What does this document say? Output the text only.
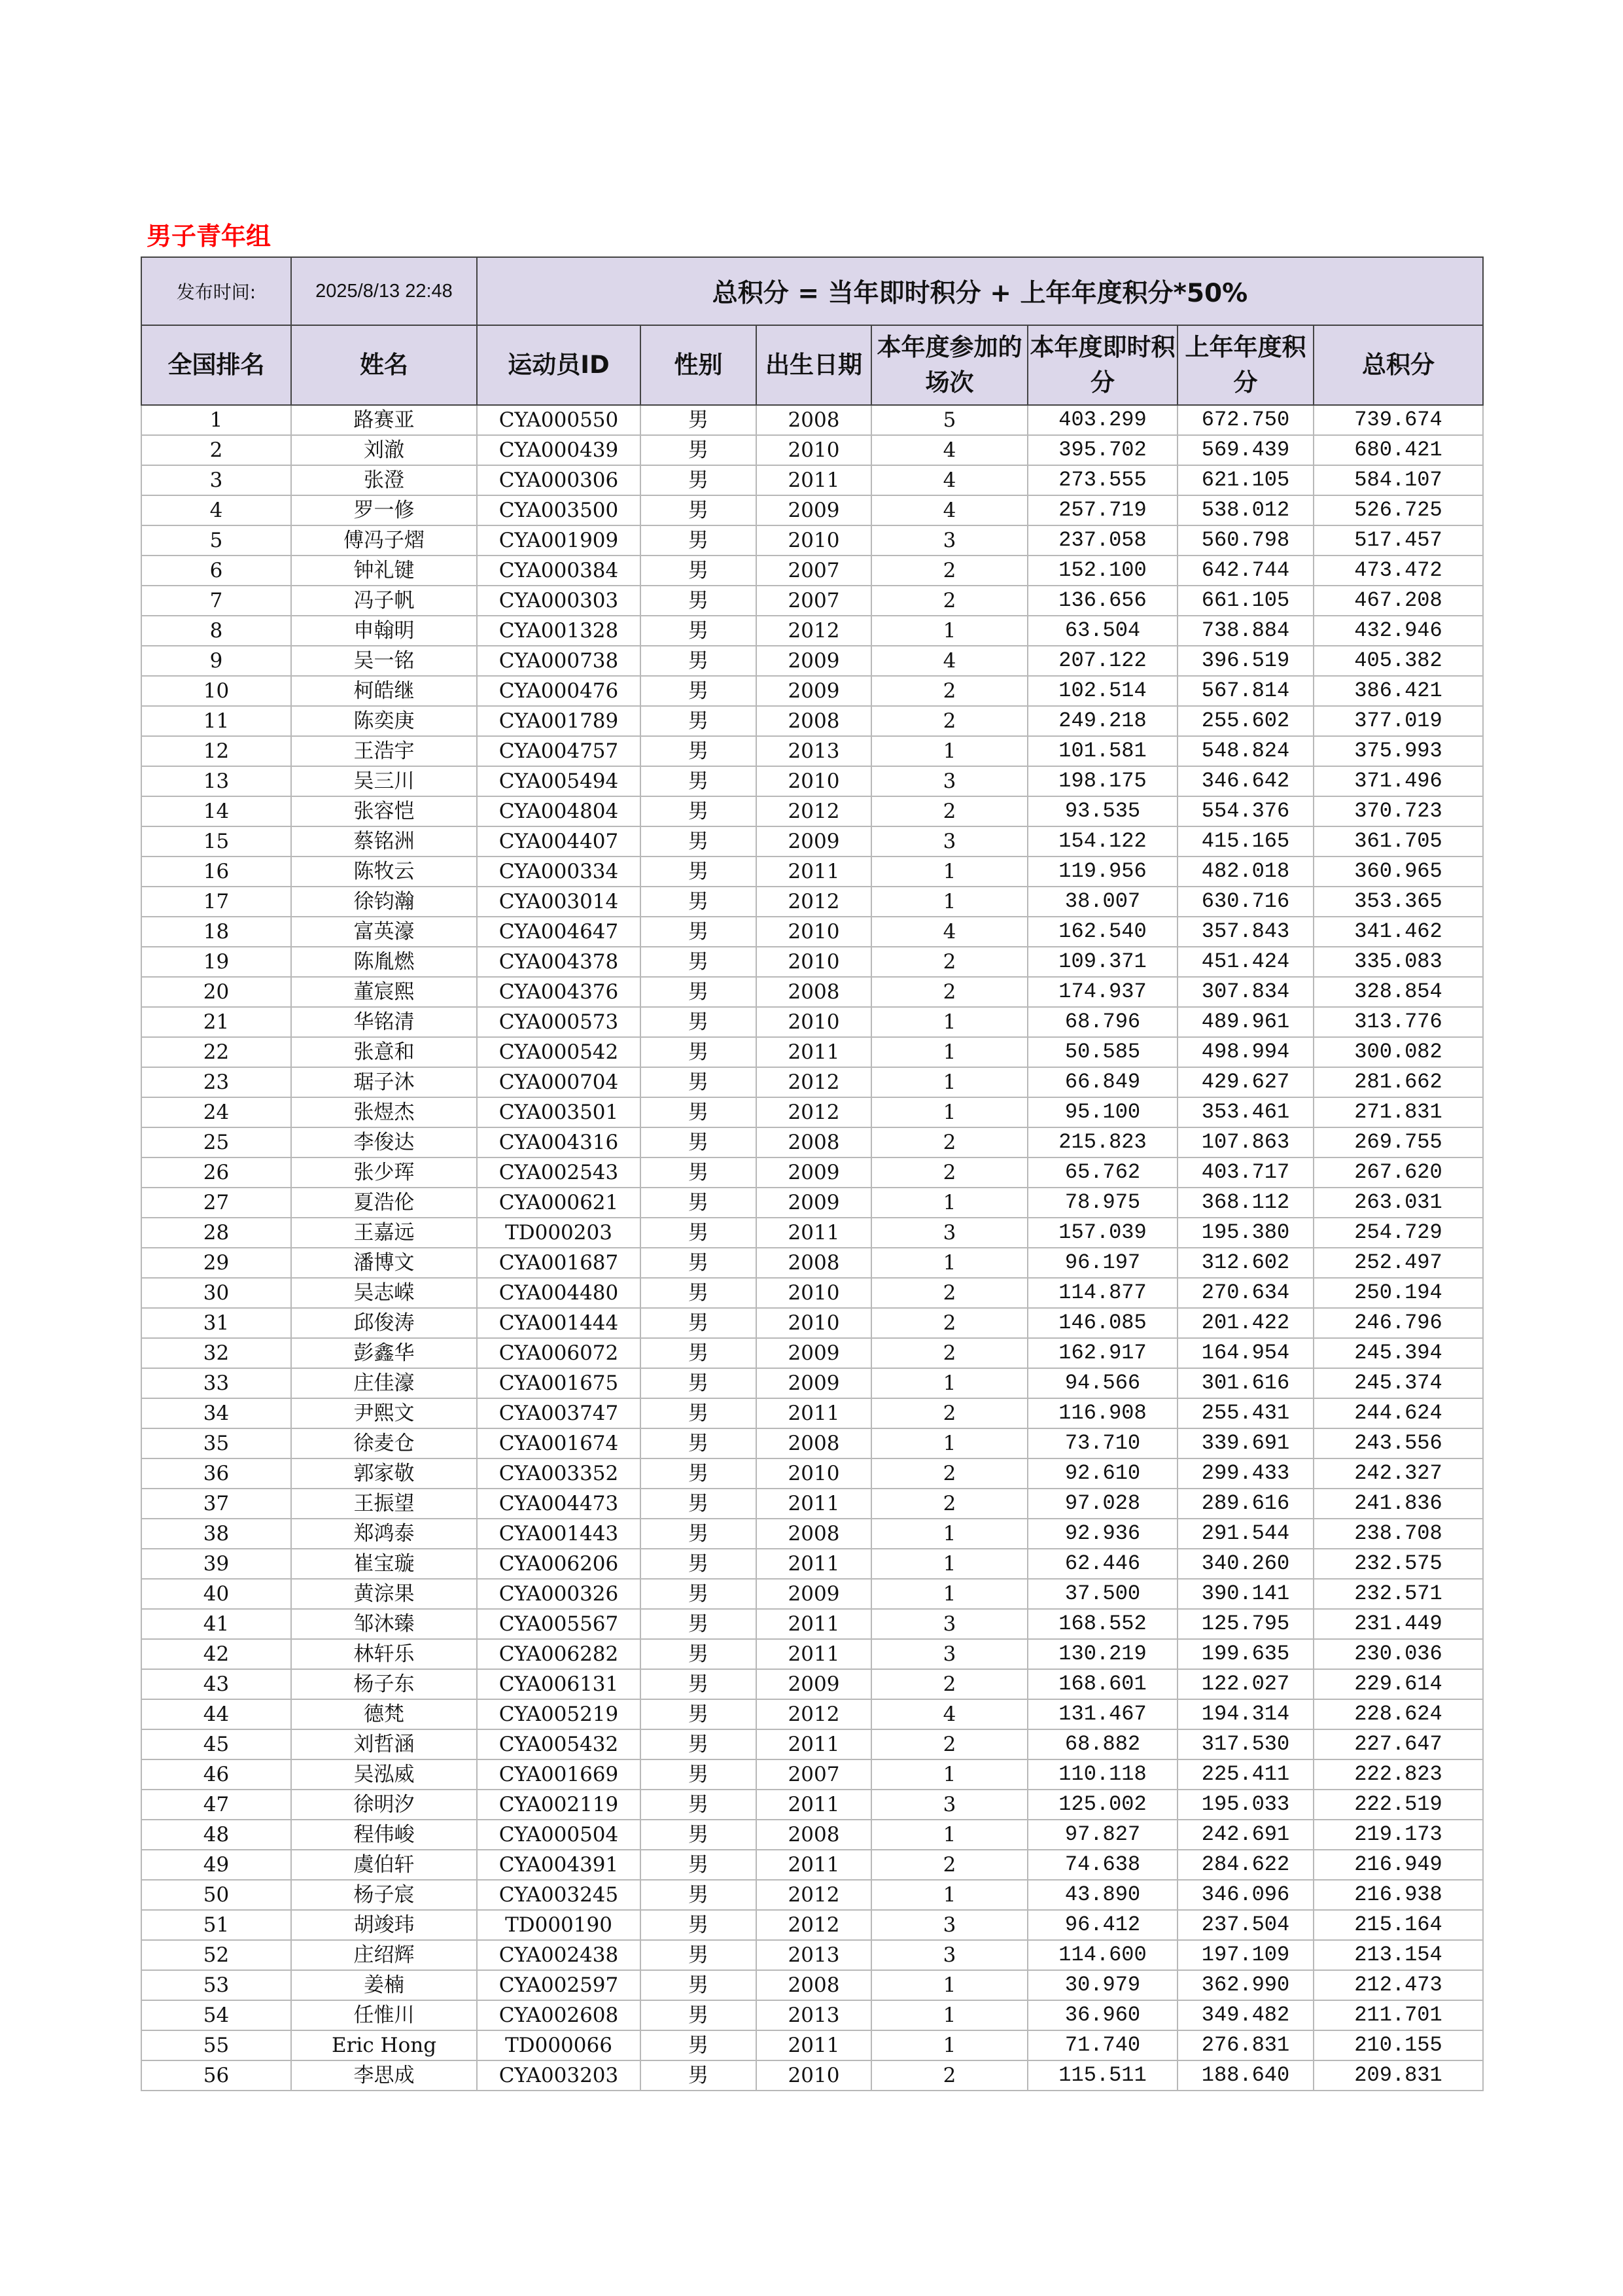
男子青年组
发布时间:	2025/8/13 22:48	总积分 = 当年即时积分 + 上年年度积分*50%						
全国排名	姓名	运动员ID	性别	出生日期	本年度参加的场次	本年度即时积分	上年年度积分	总积分
1	路赛亚	CYA000550	男	2008	5	403.299	672.750	739.674
2	刘澈	CYA000439	男	2010	4	395.702	569.439	680.421
3	张澄	CYA000306	男	2011	4	273.555	621.105	584.107
4	罗一修	CYA003500	男	2009	4	257.719	538.012	526.725
5	傅冯子熠	CYA001909	男	2010	3	237.058	560.798	517.457
6	钟礼键	CYA000384	男	2007	2	152.100	642.744	473.472
7	冯子帆	CYA000303	男	2007	2	136.656	661.105	467.208
8	申翰明	CYA001328	男	2012	1	63.504	738.884	432.946
9	吴一铭	CYA000738	男	2009	4	207.122	396.519	405.382
10	柯皓继	CYA000476	男	2009	2	102.514	567.814	386.421
11	陈奕庚	CYA001789	男	2008	2	249.218	255.602	377.019
12	王浩宇	CYA004757	男	2013	1	101.581	548.824	375.993
13	吴三川	CYA005494	男	2010	3	198.175	346.642	371.496
14	张容恺	CYA004804	男	2012	2	93.535	554.376	370.723
15	蔡铭洲	CYA004407	男	2009	3	154.122	415.165	361.705
16	陈牧云	CYA000334	男	2011	1	119.956	482.018	360.965
17	徐钧瀚	CYA003014	男	2012	1	38.007	630.716	353.365
18	富英濠	CYA004647	男	2010	4	162.540	357.843	341.462
19	陈胤燃	CYA004378	男	2010	2	109.371	451.424	335.083
20	董宸熙	CYA004376	男	2008	2	174.937	307.834	328.854
21	华铭清	CYA000573	男	2010	1	68.796	489.961	313.776
22	张意和	CYA000542	男	2011	1	50.585	498.994	300.082
23	琚子沐	CYA000704	男	2012	1	66.849	429.627	281.662
24	张煜杰	CYA003501	男	2012	1	95.100	353.461	271.831
25	李俊达	CYA004316	男	2008	2	215.823	107.863	269.755
26	张少珲	CYA002543	男	2009	2	65.762	403.717	267.620
27	夏浩伦	CYA000621	男	2009	1	78.975	368.112	263.031
28	王嘉远	TD000203	男	2011	3	157.039	195.380	254.729
29	潘博文	CYA001687	男	2008	1	96.197	312.602	252.497
30	吴志嵘	CYA004480	男	2010	2	114.877	270.634	250.194
31	邱俊涛	CYA001444	男	2010	2	146.085	201.422	246.796
32	彭鑫华	CYA006072	男	2009	2	162.917	164.954	245.394
33	庄佳濠	CYA001675	男	2009	1	94.566	301.616	245.374
34	尹熙文	CYA003747	男	2011	2	116.908	255.431	244.624
35	徐麦仓	CYA001674	男	2008	1	73.710	339.691	243.556
36	郭家敬	CYA003352	男	2010	2	92.610	299.433	242.327
37	王振望	CYA004473	男	2011	2	97.028	289.616	241.836
38	郑鸿泰	CYA001443	男	2008	1	92.936	291.544	238.708
39	崔宝璇	CYA006206	男	2011	1	62.446	340.260	232.575
40	黄淙果	CYA000326	男	2009	1	37.500	390.141	232.571
41	邹沐臻	CYA005567	男	2011	3	168.552	125.795	231.449
42	林轩乐	CYA006282	男	2011	3	130.219	199.635	230.036
43	杨子东	CYA006131	男	2009	2	168.601	122.027	229.614
44	德梵	CYA005219	男	2012	4	131.467	194.314	228.624
45	刘哲涵	CYA005432	男	2011	2	68.882	317.530	227.647
46	吴泓威	CYA001669	男	2007	1	110.118	225.411	222.823
47	徐明汐	CYA002119	男	2011	3	125.002	195.033	222.519
48	程伟峻	CYA000504	男	2008	1	97.827	242.691	219.173
49	虞伯轩	CYA004391	男	2011	2	74.638	284.622	216.949
50	杨子宸	CYA003245	男	2012	1	43.890	346.096	216.938
51	胡竣玮	TD000190	男	2012	3	96.412	237.504	215.164
52	庄绍辉	CYA002438	男	2013	3	114.600	197.109	213.154
53	姜楠	CYA002597	男	2008	1	30.979	362.990	212.473
54	任惟川	CYA002608	男	2013	1	36.960	349.482	211.701
55	Eric Hong	TD000066	男	2011	1	71.740	276.831	210.155
56	李思成	CYA003203	男	2010	2	115.511	188.640	209.831
